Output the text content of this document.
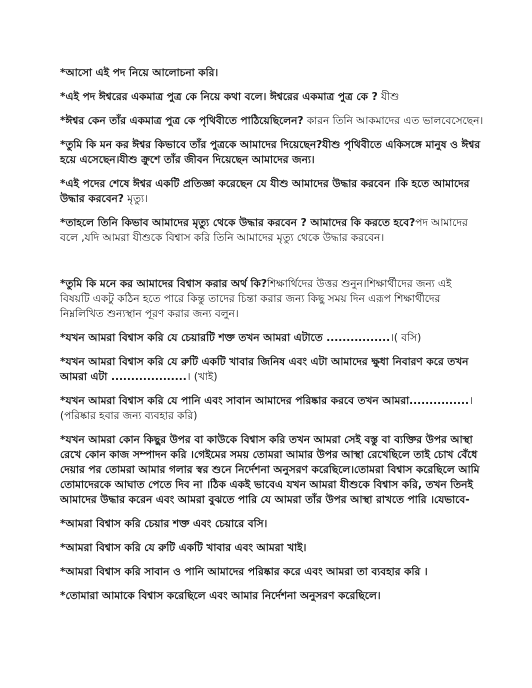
*আসো এই পদ নিয়ে আলোচনা করি।

*এই পদ ঈশ্বরের একমাত্র পুত্র কে নিয়ে কথা বলে। ঈশ্বরের একমাত্র পুত্র কে ? যীশু

*ঈশ্বর কেন তাঁর একমাত্র পুত্র কে পৃথিবীতে পাঠিয়েছিলেন? কারন তিনি আকমাদের এত ভালবেসেছেন।

*তুমি কি মন কর ঈশ্বর কিভাবে তাঁর পুত্রকে আমাদের দিয়েছেন?যীশু পৃথিবীতে একিসঙ্গে মানুষ ও ঈশ্বর হয়ে এসেছেন।যীশু ক্রুশে তাঁর জীবন দিয়েছেন আমাদের জন্য।

*এই পদের শেষে ঈশ্বর একটি প্রতিজ্ঞা করেছেন যে যীশু আমাদের উদ্ধার করবেন ।কি হতে আমাদের উদ্ধার করবেন? মৃত্যু।

*তাহলে তিনি কিভাব আমাদের মৃত্যু থেকে উদ্ধার করবেন ? আমাদের কি করতে হবে?পদ আমাদের বলে ,যদি আমরা যীশুকে বিশ্বাস করি তিনি আমাদের মৃত্যু থেকে উদ্ধার করবেন।

*তুমি কি মনে কর আমাদের বিশ্বাস করার অর্থ কি?শিক্ষার্থিদের উত্তর শুনুন।শিক্ষার্থীদের জন্য এই বিষয়টি একটু কঠিন হতে পারে কিন্তু তাদের চিন্তা করার জন্য কিছু সময় দিন এরূপ শিক্ষার্থীদের নিম্নলিখিত শুন্যস্থান পূরণ করার জন্য বলুন।

*যখন আমরা বিশ্বাস করি যে চেয়ারটি শক্ত তখন আমরা এটাতে ................।( বসি)

*যখন আমরা বিশ্বাস করি যে রুটি একটি খাবার জিনিষ এবং এটা আমাদের ক্ষুধা নিবারণ করে তখন আমরা এটা ...................। (খাই)

*যখন আমরা বিশ্বাস করি যে পানি এবং সাবান আমাদের পরিষ্কার করবে তখন আমরা...............।(পরিষ্কার হবার জন্য ব্যবহার করি)

*যখন আমরা কোন কিছুর উপর বা কাউকে বিশ্বাস করি তখন আমরা সেই বস্তু বা ব্যক্তির উপর আস্থা রেখে কোন কাজ সম্পাদন করি ।গেইমের সময় তোমরা আমার উপর আস্থা রেখেছিলে তাই চোখ বেঁধে দেয়ার পর তোমরা আমার গলার স্বর শুনে নির্দেশনা অনুসরণ করেছিলে।তোমরা বিশ্বাস করেছিলে আমি তোমাদেরকে আঘাত পেতে দিব না ।ঠিক একই ভাবেএ যখন আমরা যীশুকে বিশ্বাস করি, তখন তিনই আমাদের উদ্ধার করেন এবং আমরা বুঝতে পারি যে আমরা তাঁর উপর আস্থা রাখতে পারি ।যেভাবে-

*আমরা বিশ্বাস করি চেয়ার শক্ত এবং চেয়ারে বসি।

*আমরা বিশ্বাস করি যে রুটি একটি খাবার এবং আমরা খাই।

*আমরা বিশ্বাস করি সাবান ও পানি আমাদের পরিষ্কার করে এবং আমরা তা ব্যবহার করি ।

*তোমারা আমাকে বিশ্বাস করেছিলে এবং আমার নির্দেশনা অনুসরণ করেছিলে।
